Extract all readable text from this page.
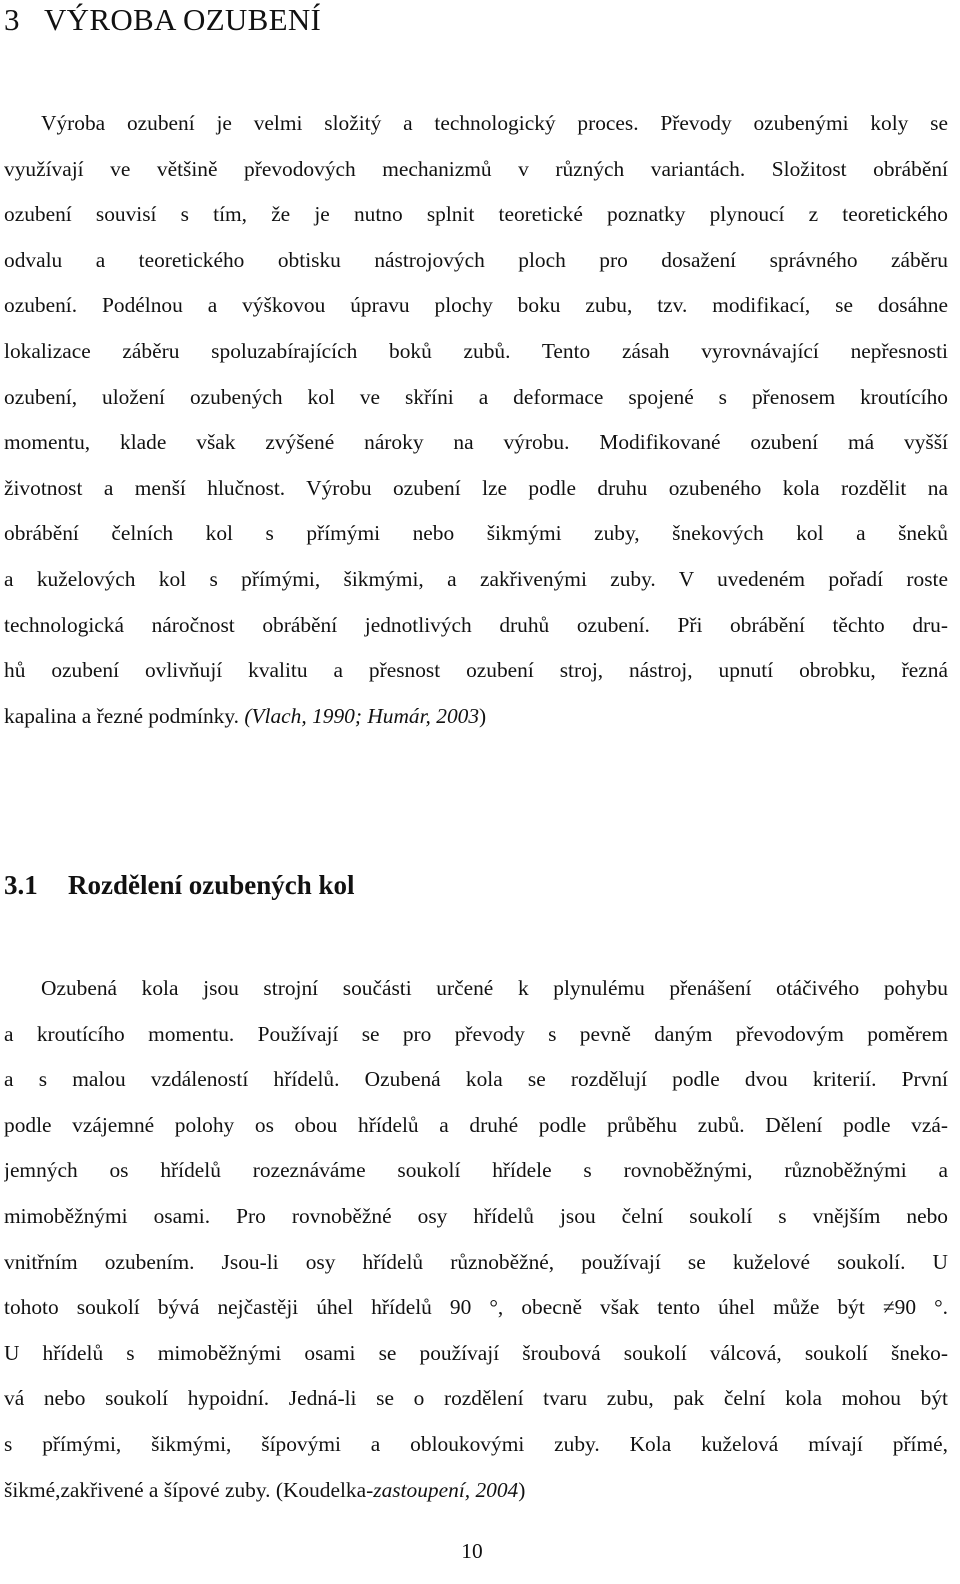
3 VÝROBA OZUBENÍ
Výroba ozubení je velmi složitý a technologický proces. Převody ozubenými koly se
využívají ve většině převodových mechanizmů v různých variantách. Složitost obrábění
ozubení souvisí s tím, že je nutno splnit teoretické poznatky plynoucí z teoretického
odvalu a teoretického obtisku nástrojových ploch pro dosažení správného záběru
ozubení. Podélnou a výškovou úpravu plochy boku zubu, tzv. modifikací, se dosáhne
lokalizace záběru spoluzabírajících boků zubů. Tento zásah vyrovnávající nepřesnosti
ozubení, uložení ozubených kol ve skříni a deformace spojené s přenosem kroutícího
momentu, klade však zvýšené nároky na výrobu. Modifikované ozubení má vyšší
životnost a menší hlučnost. Výrobu ozubení lze podle druhu ozubeného kola rozdělit na
obrábění čelních kol s přímými nebo šikmými zuby, šnekových kol a šneků
a kuželových kol s přímými, šikmými, a zakřivenými zuby. V uvedeném pořadí roste
technologická náročnost obrábění jednotlivých druhů ozubení. Při obrábění těchto dru-
hů ozubení ovlivňují kvalitu a přesnost ozubení stroj, nástroj, upnutí obrobku, řezná
kapalina a řezné podmínky. (Vlach, 1990; Humár, 2003)
3.1 Rozdělení ozubených kol
Ozubená kola jsou strojní součásti určené k plynulému přenášení otáčivého pohybu
a kroutícího momentu. Používají se pro převody s pevně daným převodovým poměrem
a s malou vzdáleností hřídelů. Ozubená kola se rozdělují podle dvou kriterií. První
podle vzájemné polohy os obou hřídelů a druhé podle průběhu zubů. Dělení podle vzá-
jemných os hřídelů rozeznáváme soukolí hřídele s rovnoběžnými, různoběžnými a
mimoběžnými osami. Pro rovnoběžné osy hřídelů jsou čelní soukolí s vnějším nebo
vnitřním ozubením. Jsou-li osy hřídelů různoběžné, používají se kuželové soukolí. U
tohoto soukolí bývá nejčastěji úhel hřídelů 90 °, obecně však tento úhel může být ≠90 °.
U hřídelů s mimoběžnými osami se používají šroubová soukolí válcová, soukolí šneko-
vá nebo soukolí hypoidní. Jedná-li se o rozdělení tvaru zubu, pak čelní kola mohou být
s přímými, šikmými, šípovými a obloukovými zuby. Kola kuželová mívají přímé,
šikmé,zakřivené a šípové zuby. (Koudelka-zastoupení, 2004)
10
